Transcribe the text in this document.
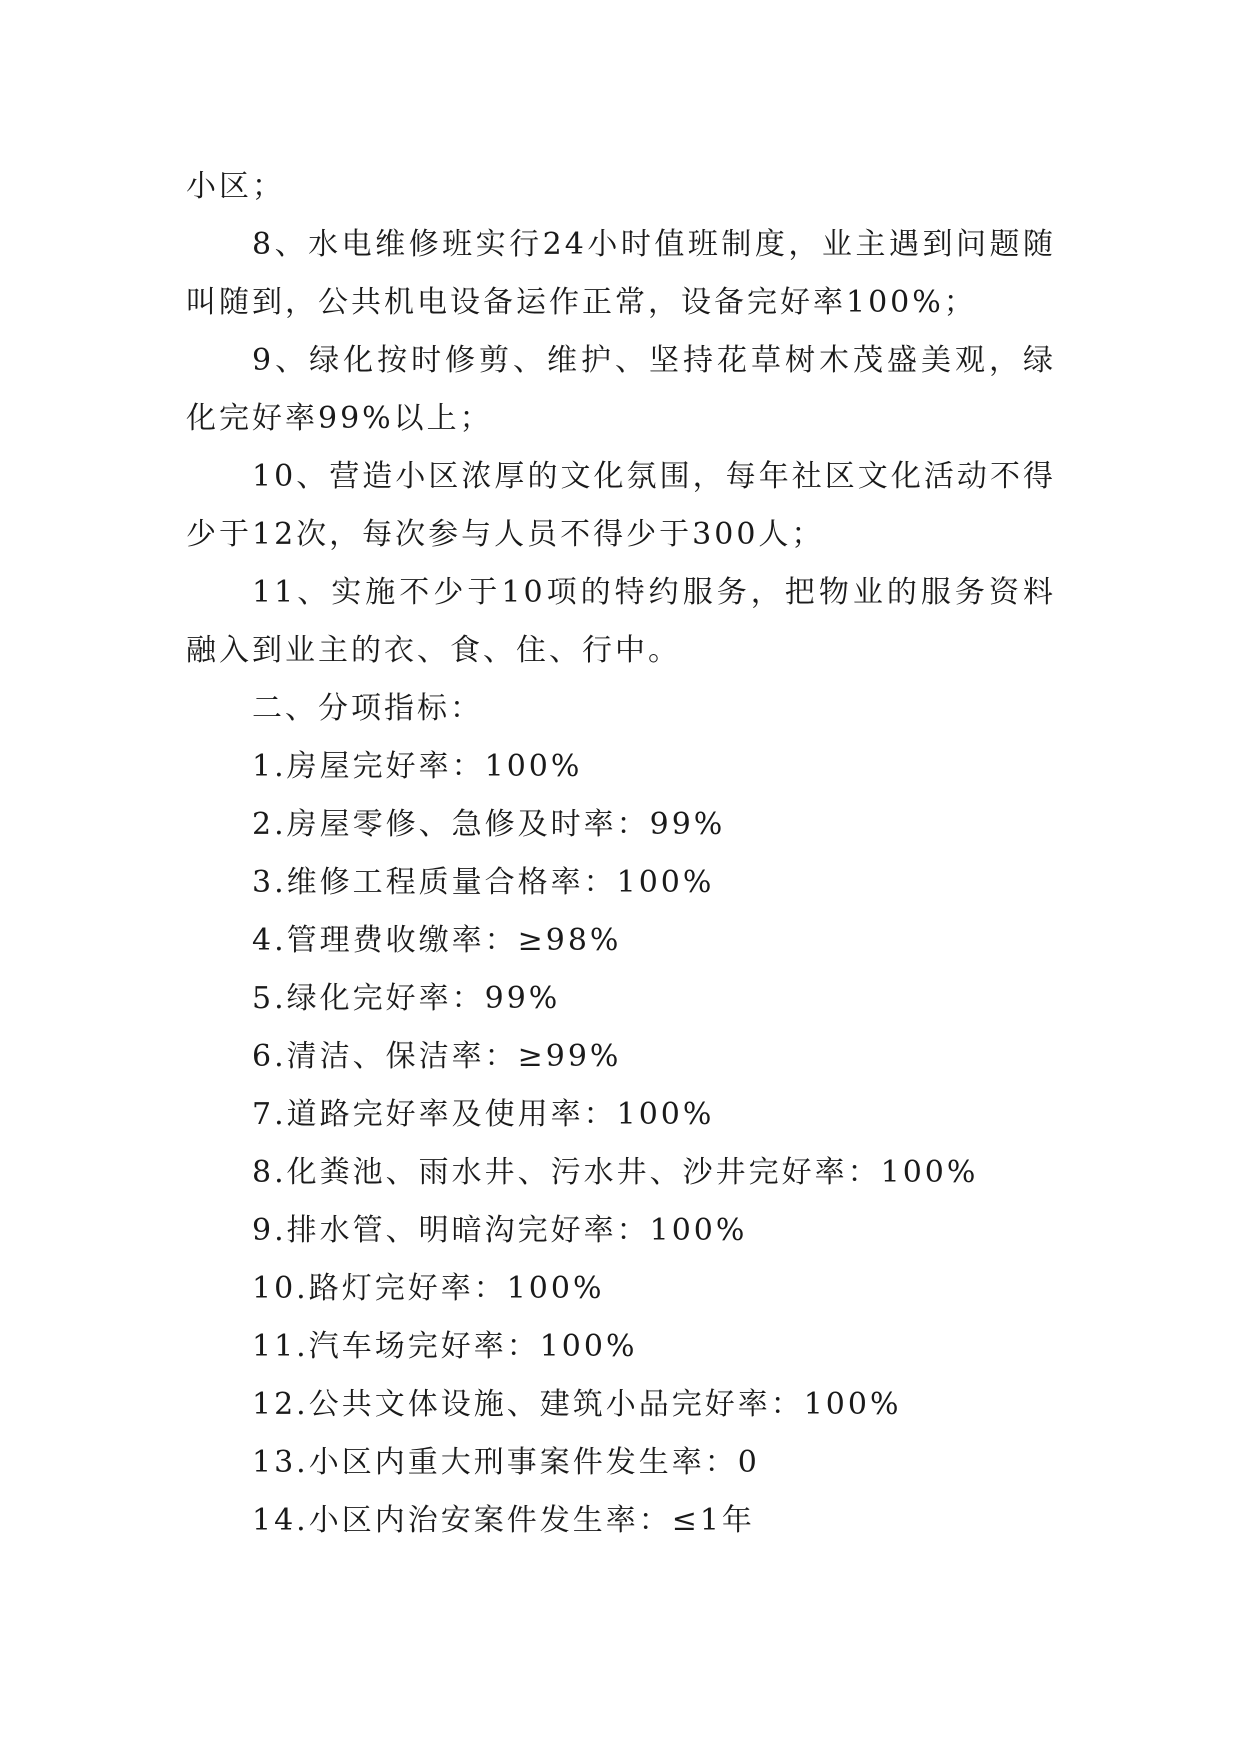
小区；

8、水电维修班实行24小时值班制度，业主遇到问题随叫随到，公共机电设备运作正常，设备完好率100%；

9、绿化按时修剪、维护、坚持花草树木茂盛美观，绿化完好率99%以上；

10、营造小区浓厚的文化氛围，每年社区文化活动不得少于12次，每次参与人员不得少于300人；

11、实施不少于10项的特约服务，把物业的服务资料融入到业主的衣、食、住、行中。

二、分项指标：

1.房屋完好率：100%

2.房屋零修、急修及时率：99%

3.维修工程质量合格率：100%

4.管理费收缴率：≥98%

5.绿化完好率：99%

6.清洁、保洁率：≥99%

7.道路完好率及使用率：100%

8.化粪池、雨水井、污水井、沙井完好率：100%

9.排水管、明暗沟完好率：100%

10.路灯完好率：100%

11.汽车场完好率：100%

12.公共文体设施、建筑小品完好率：100%

13.小区内重大刑事案件发生率：0

14.小区内治安案件发生率：≤1年
